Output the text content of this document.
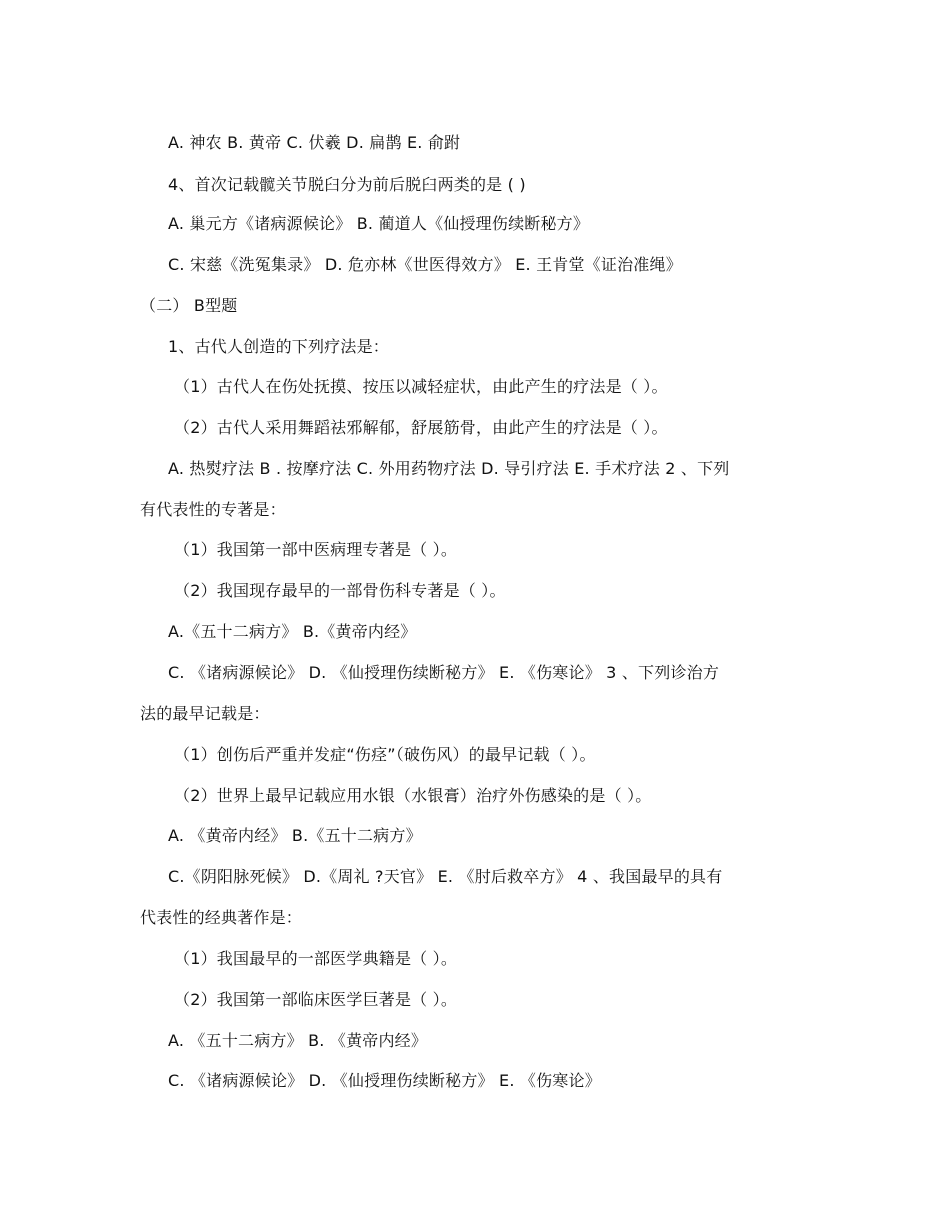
A. 神农 B. 黄帝 C. 伏羲 D. 扁鹊 E. 俞跗
4、首次记载髋关节脱臼分为前后脱臼两类的是 ( )
A. 巢元方《诸病源候论》 B. 蔺道人《仙授理伤续断秘方》
C. 宋慈《洗冤集录》 D. 危亦林《世医得效方》 E. 王肯堂《证治准绳》
（二） B型题
1、古代人创造的下列疗法是：
（1）古代人在伤处抚摸、按压以减轻症状，由此产生的疗法是（ ）。
（2）古代人采用舞蹈祛邪解郁，舒展筋骨，由此产生的疗法是（ ）。
A. 热熨疗法 B . 按摩疗法 C. 外用药物疗法 D. 导引疗法 E. 手术疗法 2 、下列
有代表性的专著是：
（1）我国第一部中医病理专著是（ ）。
（2）我国现存最早的一部骨伤科专著是（ ）。
A.《五十二病方》 B.《黄帝内经》
C. 《诸病源候论》 D. 《仙授理伤续断秘方》 E. 《伤寒论》 3 、下列诊治方
法的最早记载是：
（1）创伤后严重并发症“伤痉”（破伤风）的最早记载（ ）。
（2）世界上最早记载应用水银（水银膏）治疗外伤感染的是（ ）。
A. 《黄帝内经》 B.《五十二病方》
C.《阴阳脉死候》 D.《周礼 ?天官》 E. 《肘后救卒方》 4 、我国最早的具有
代表性的经典著作是：
（1）我国最早的一部医学典籍是（ ）。
（2）我国第一部临床医学巨著是（ ）。
A. 《五十二病方》 B. 《黄帝内经》
C. 《诸病源候论》 D. 《仙授理伤续断秘方》 E. 《伤寒论》
